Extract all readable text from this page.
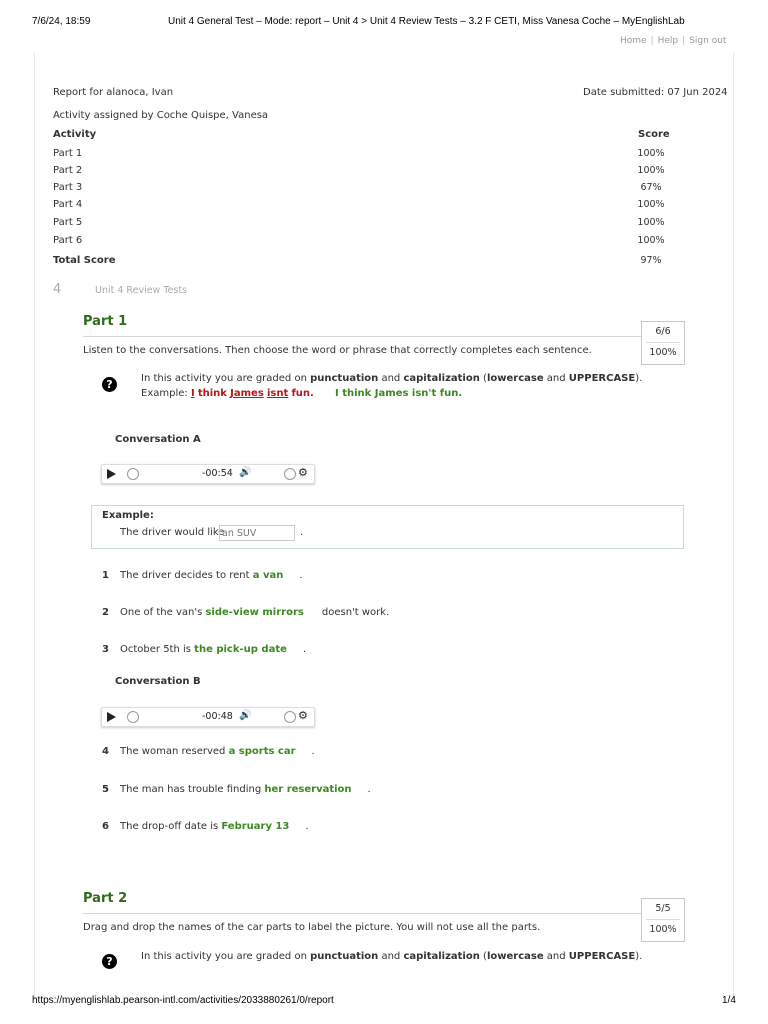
7/6/24, 18:59	Unit 4 General Test – Mode: report – Unit 4 > Unit 4 Review Tests – 3.2 F CETI, Miss Vanesa Coche – MyEnglishLab
Home | Help | Sign out
Report for alanoca, Ivan	Date submitted: 07 Jun 2024
Activity assigned by Coche Quispe, Vanesa
Activity	Score
Part 1	100%
Part 2	100%
Part 3	67%
Part 4	100%
Part 5	100%
Part 6	100%
Total Score	97%
4	Unit 4 Review Tests
Part 1
6/6
100%
Listen to the conversations. Then choose the word or phrase that correctly completes each sentence.
?	In this activity you are graded on punctuation and capitalization (lowercase and UPPERCASE).
Example: I think James isnt fun. I think James isn't fun.
Conversation A
-00:54 🔊	⚙
Example:
The driver would like
an SUV	.
1 The driver decides to rent a van .
2 One of the van's side-view mirrors doesn't work.
3 October 5th is the pick-up date .
Conversation B
-00:48 🔊	⚙
4 The woman reserved a sports car .
5 The man has trouble finding her reservation .
6 The drop-off date is February 13 .
Part 2
5/5
100%
Drag and drop the names of the car parts to label the picture. You will not use all the parts.
?	In this activity you are graded on punctuation and capitalization (lowercase and UPPERCASE).
https://myenglishlab.pearson-intl.com/activities/2033880261/0/report	1/4
